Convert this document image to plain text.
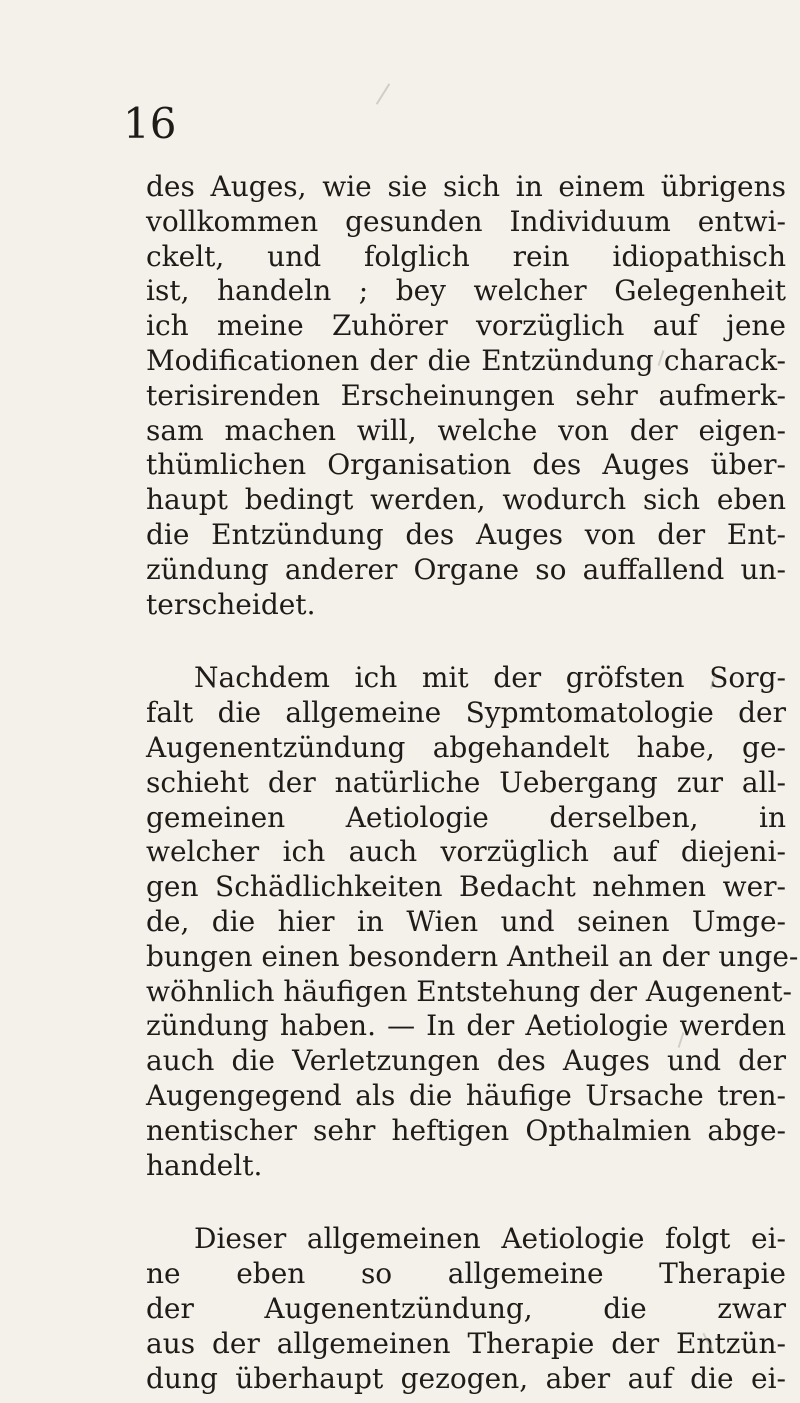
16

des Auges, wie sie sich in einem übrigens
vollkommen gesunden Individuum entwi-
ckelt, und folglich rein idiopathisch
ist, handeln ; bey welcher Gelegenheit
ich meine Zuhörer vorzüglich auf jene
Modificationen der die Entzündung charack-
terisirenden Erscheinungen sehr aufmerk-
sam machen will, welche von der eigen-
thümlichen Organisation des Auges über-
haupt bedingt werden, wodurch sich eben
die Entzündung des Auges von der Ent-
zündung anderer Organe so auffallend un-
terscheidet.

Nachdem ich mit der gröfsten Sorg-
falt die allgemeine Sypmtomatologie der
Augenentzündung abgehandelt habe, ge-
schieht der natürliche Uebergang zur all-
gemeinen Aetiologie derselben, in
welcher ich auch vorzüglich auf diejeni-
gen Schädlichkeiten Bedacht nehmen wer-
de, die hier in Wien und seinen Umge-
bungen einen besondern Antheil an der unge-
wöhnlich häufigen Entstehung der Augenent-
zündung haben. — In der Aetiologie werden
auch die Verletzungen des Auges und der
Augengegend als die häufige Ursache tren-
nentischer sehr heftigen Opthalmien abge-
handelt.

Dieser allgemeinen Aetiologie folgt ei-
ne eben so allgemeine Therapie
der Augenentzündung, die zwar
aus der allgemeinen Therapie der Entzün-
dung überhaupt gezogen, aber auf die ei-
